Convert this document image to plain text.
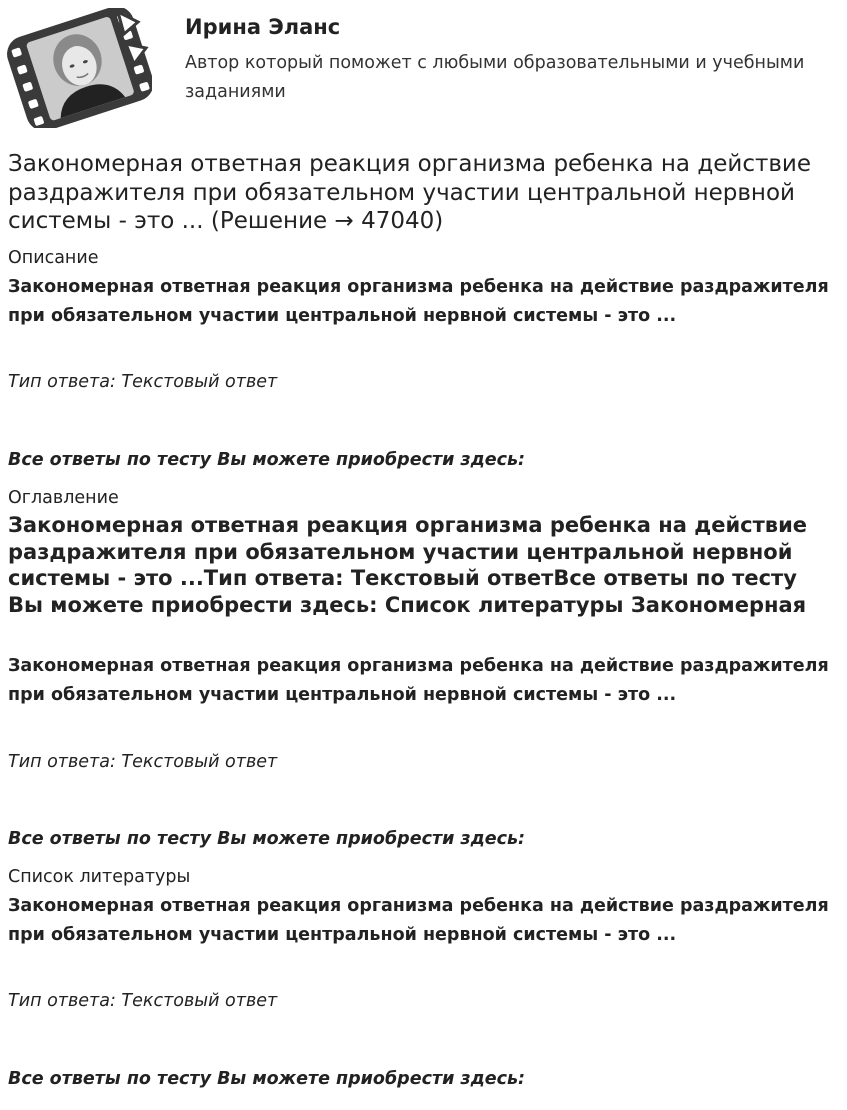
Ирина Эланс
Автор который поможет с любыми образовательными и учебными заданиями
Закономерная ответная реакция организма ребенка на действие раздражителя при обязательном участии центральной нервной системы - это ... (Решение → 47040)
Описание
Закономерная ответная реакция организма ребенка на действие раздражителя при обязательном участии центральной нервной системы - это ...
Тип ответа: Текстовый ответ
Все ответы по тесту Вы можете приобрести здесь:
Оглавление
Закономерная ответная реакция организма ребенка на действие раздражителя при обязательном участии центральной нервной системы - это ...Тип ответа: Текстовый ответВсе ответы по тесту Вы можете приобрести здесь: Список литературы Закономерная
Закономерная ответная реакция организма ребенка на действие раздражителя при обязательном участии центральной нервной системы - это ...
Тип ответа: Текстовый ответ
Все ответы по тесту Вы можете приобрести здесь:
Список литературы
Закономерная ответная реакция организма ребенка на действие раздражителя при обязательном участии центральной нервной системы - это ...
Тип ответа: Текстовый ответ
Все ответы по тесту Вы можете приобрести здесь:
